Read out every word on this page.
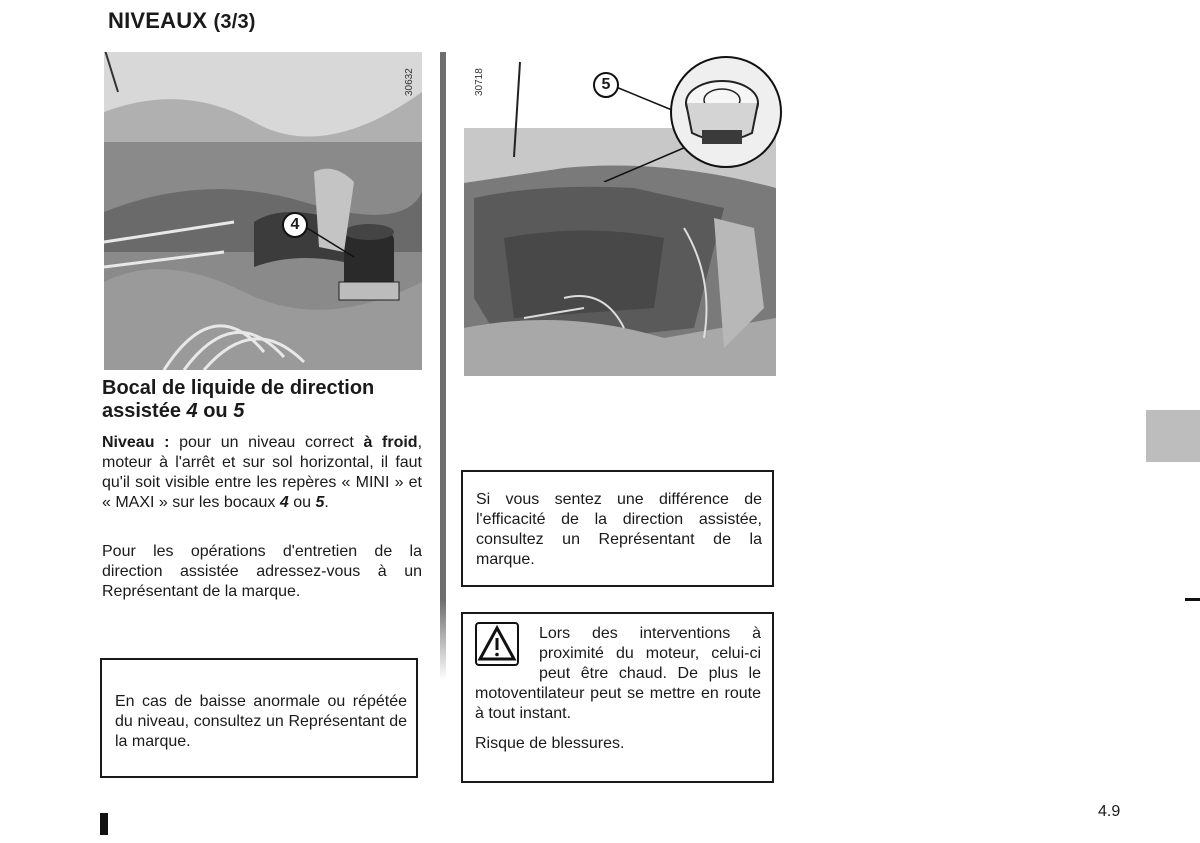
NIVEAUX (3/3)
4
30632	5
30718
Bocal de liquide de direction
assistée 4 ou 5
Niveau : pour un niveau correct à froid, moteur à l'arrêt et sur sol horizontal, il faut qu'il soit visible entre les repères « MINI » et « MAXI » sur les bocaux 4 ou 5.
Pour les opérations d'entretien de la direction assistée adressez-vous à un Représentant de la marque.
En cas de baisse anormale ou répétée du niveau, consultez un Représentant de la marque.
Si vous sentez une différence de l'efficacité de la direction assistée, consultez un Représentant de la marque.
Lors des interventions à proximité du moteur, celui-ci peut être chaud. De plus le motoventilateur peut se mettre en route à tout instant.
Risque de blessures.
4.9
